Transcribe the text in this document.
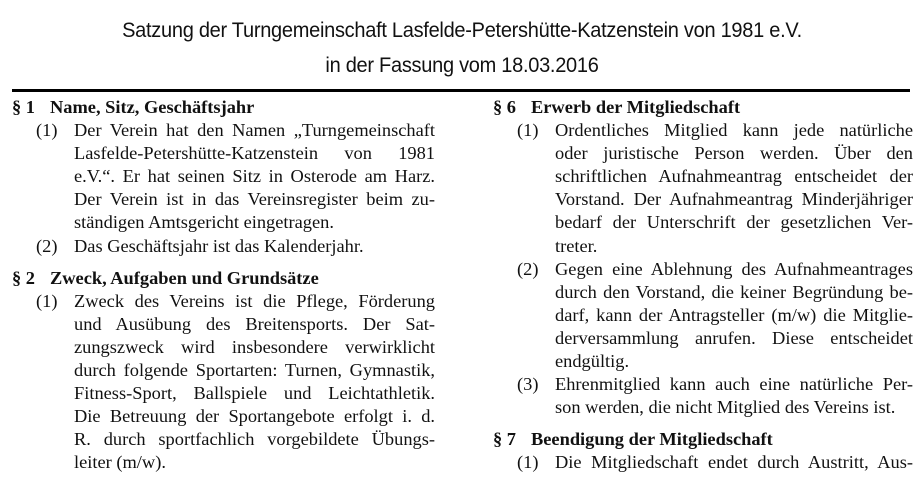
Satzung der Turngemeinschaft Lasfelde-Petershütte-Katzenstein von 1981 e.V.
in der Fassung vom 18.03.2016
§ 1 Name, Sitz, Geschäftsjahr
(1) Der Verein hat den Namen „Turngemeinschaft
Lasfelde-Petershütte-Katzenstein von 1981
e.V.“. Er hat seinen Sitz in Osterode am Harz.
Der Verein ist in das Vereinsregister beim zu-
ständigen Amtsgericht eingetragen.
(2) Das Geschäftsjahr ist das Kalenderjahr.
§ 2 Zweck, Aufgaben und Grundsätze
(1) Zweck des Vereins ist die Pflege, Förderung
und Ausübung des Breitensports. Der Sat-
zungszweck wird insbesondere verwirklicht
durch folgende Sportarten: Turnen, Gymnastik,
Fitness-Sport, Ballspiele und Leichtathletik.
Die Betreuung der Sportangebote erfolgt i. d.
R. durch sportfachlich vorgebildete Übungs-
leiter (m/w).
§ 6 Erwerb der Mitgliedschaft
(1) Ordentliches Mitglied kann jede natürliche
oder juristische Person werden. Über den
schriftlichen Aufnahmeantrag entscheidet der
Vorstand. Der Aufnahmeantrag Minderjähriger
bedarf der Unterschrift der gesetzlichen Ver-
treter.
(2) Gegen eine Ablehnung des Aufnahmeantrages
durch den Vorstand, die keiner Begründung be-
darf, kann der Antragsteller (m/w) die Mitglie-
derversammlung anrufen. Diese entscheidet
endgültig.
(3) Ehrenmitglied kann auch eine natürliche Per-
son werden, die nicht Mitglied des Vereins ist.
§ 7 Beendigung der Mitgliedschaft
(1) Die Mitgliedschaft endet durch Austritt, Aus-
